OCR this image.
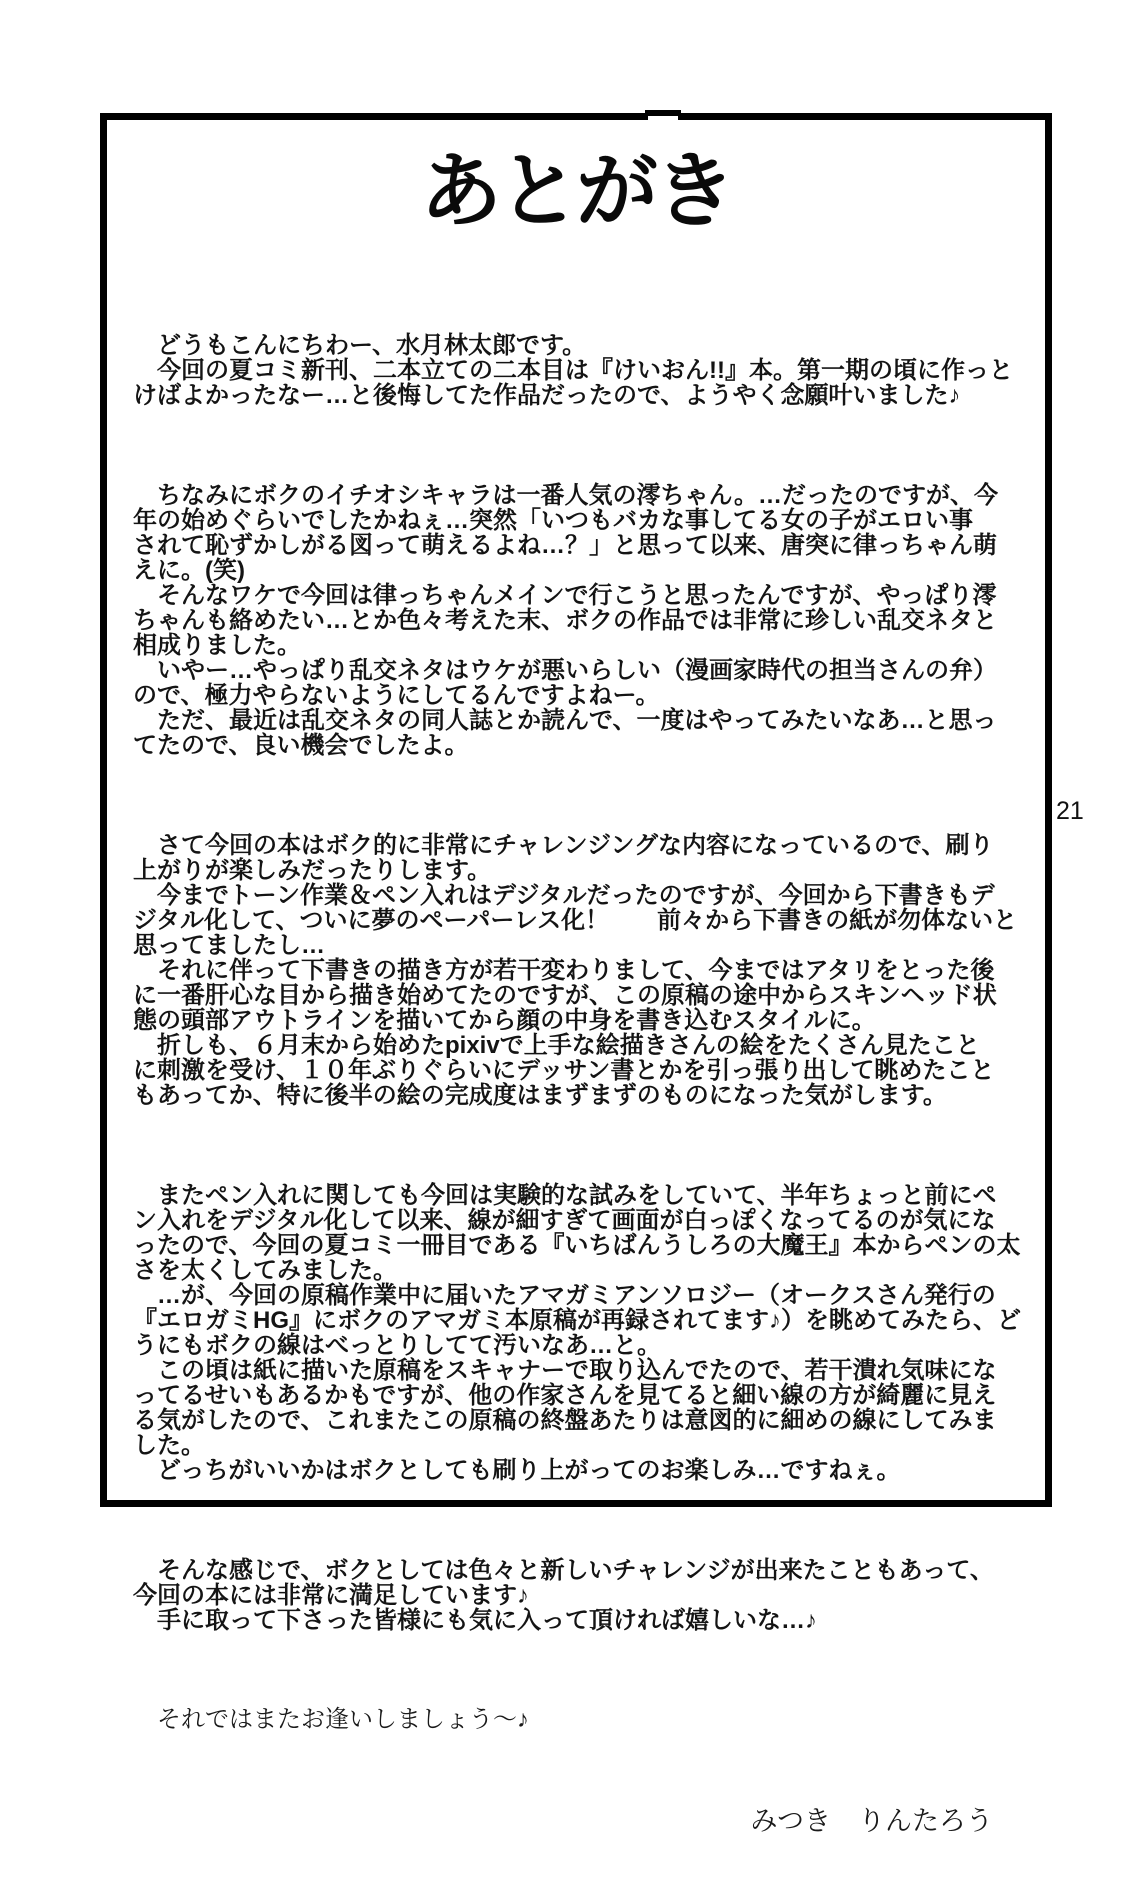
あとがき

　どうもこんにちわー、水月林太郎です。
　今回の夏コミ新刊、二本立ての二本目は『けいおん!!』本。第一期の頃に作っと
けばよかったなー…と後悔してた作品だったので、ようやく念願叶いました♪

　ちなみにボクのイチオシキャラは一番人気の澪ちゃん。…だったのですが、今
年の始めぐらいでしたかねぇ…突然「いつもバカな事してる女の子がエロい事
されて恥ずかしがる図って萌えるよね…？」と思って以来、唐突に律っちゃん萌
えに。(笑)
　そんなワケで今回は律っちゃんメインで行こうと思ったんですが、やっぱり澪
ちゃんも絡めたい…とか色々考えた末、ボクの作品では非常に珍しい乱交ネタと
相成りました。
　いやー…やっぱり乱交ネタはウケが悪いらしい（漫画家時代の担当さんの弁）
ので、極力やらないようにしてるんですよねー。
　ただ、最近は乱交ネタの同人誌とか読んで、一度はやってみたいなあ…と思っ
てたので、良い機会でしたよ。

　さて今回の本はボク的に非常にチャレンジングな内容になっているので、刷り
上がりが楽しみだったりします。
　今までトーン作業＆ペン入れはデジタルだったのですが、今回から下書きもデ
ジタル化して、ついに夢のペーパーレス化！　　前々から下書きの紙が勿体ないと
思ってましたし…
　それに伴って下書きの描き方が若干変わりまして、今まではアタリをとった後
に一番肝心な目から描き始めてたのですが、この原稿の途中からスキンヘッド状
態の頭部アウトラインを描いてから顔の中身を書き込むスタイルに。
　折しも、６月末から始めたpixivで上手な絵描きさんの絵をたくさん見たこと
に刺激を受け、１０年ぶりぐらいにデッサン書とかを引っ張り出して眺めたこと
もあってか、特に後半の絵の完成度はまずまずのものになった気がします。

　またペン入れに関しても今回は実験的な試みをしていて、半年ちょっと前にペ
ン入れをデジタル化して以来、線が細すぎて画面が白っぽくなってるのが気にな
ったので、今回の夏コミ一冊目である『いちばんうしろの大魔王』本からペンの太
さを太くしてみました。
　…が、今回の原稿作業中に届いたアマガミアンソロジー（オークスさん発行の
『エロガミHG』にボクのアマガミ本原稿が再録されてます♪）を眺めてみたら、ど
うにもボクの線はべっとりしてて汚いなあ…と。
　この頃は紙に描いた原稿をスキャナーで取り込んでたので、若干潰れ気味にな
ってるせいもあるかもですが、他の作家さんを見てると細い線の方が綺麗に見え
る気がしたので、これまたこの原稿の終盤あたりは意図的に細めの線にしてみま
した。
　どっちがいいかはボクとしても刷り上がってのお楽しみ…ですねぇ。

　そんな感じで、ボクとしては色々と新しいチャレンジが出来たこともあって、
今回の本には非常に満足しています♪
　手に取って下さった皆様にも気に入って頂ければ嬉しいな…♪

　それではまたお逢いしましょう～♪

みつき　りんたろう

21
